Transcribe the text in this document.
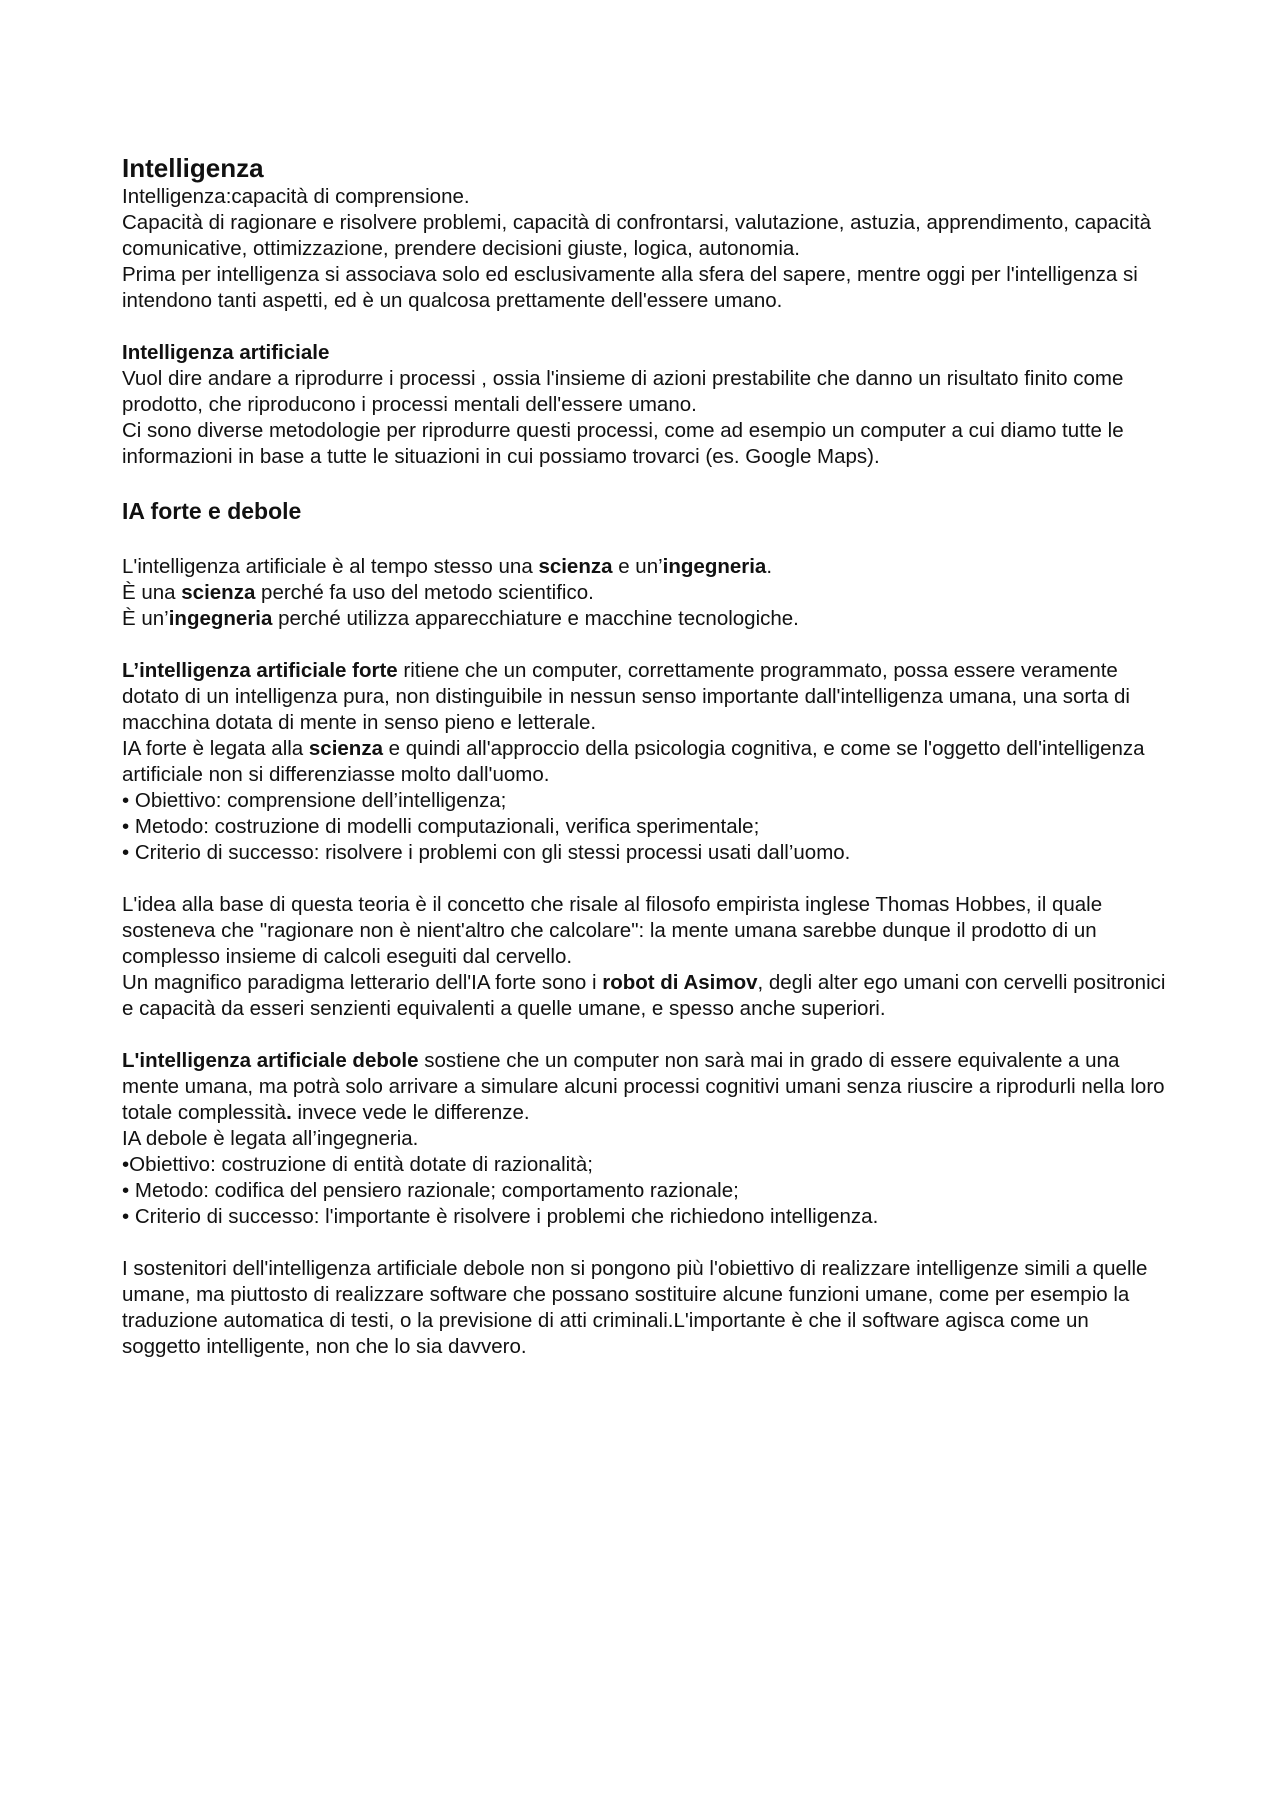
Intelligenza

Intelligenza:capacità di comprensione.

Capacità di ragionare e risolvere problemi, capacità di confrontarsi, valutazione, astuzia, apprendimento, capacità comunicative, ottimizzazione, prendere decisioni giuste, logica, autonomia.

Prima per intelligenza si associava solo ed esclusivamente alla sfera del sapere, mentre oggi per l'intelligenza si intendono tanti aspetti, ed è un qualcosa prettamente dell'essere umano.

Intelligenza artificiale

Vuol dire andare a riprodurre i processi , ossia l'insieme di azioni prestabilite che danno un risultato finito come prodotto, che riproducono i processi mentali dell'essere umano.

Ci sono diverse metodologie per riprodurre questi processi, come ad esempio un computer a cui diamo tutte le informazioni in base a tutte le situazioni in cui possiamo trovarci (es. Google Maps).

IA forte e debole

L'intelligenza artificiale è al tempo stesso una scienza e un’ingegneria.

È una scienza perché fa uso del metodo scientifico.

È un’ingegneria perché utilizza apparecchiature e macchine tecnologiche.

L’intelligenza artificiale forte ritiene che un computer, correttamente programmato, possa essere veramente dotato di un intelligenza pura, non distinguibile in nessun senso importante dall'intelligenza umana, una sorta di macchina dotata di mente in senso pieno e letterale.

IA forte è legata alla scienza e quindi all'approccio della psicologia cognitiva, e come se l'oggetto dell'intelligenza artificiale non si differenziasse molto dall'uomo.

• Obiettivo: comprensione dell’intelligenza;
• Metodo: costruzione di modelli computazionali, verifica sperimentale;
• Criterio di successo: risolvere i problemi con gli stessi processi usati dall’uomo.

L'idea alla base di questa teoria è il concetto che risale al filosofo empirista inglese Thomas Hobbes, il quale sosteneva che "ragionare non è nient'altro che calcolare": la mente umana sarebbe dunque il prodotto di un complesso insieme di calcoli eseguiti dal cervello.

Un magnifico paradigma letterario dell'IA forte sono i robot di Asimov, degli alter ego umani con cervelli positronici e capacità da esseri senzienti equivalenti a quelle umane, e spesso anche superiori.

L'intelligenza artificiale debole sostiene che un computer non sarà mai in grado di essere equivalente a una mente umana, ma potrà solo arrivare a simulare alcuni processi cognitivi umani senza riuscire a riprodurli nella loro totale complessità. invece vede le differenze.

IA debole è legata all’ingegneria.

•Obiettivo: costruzione di entità dotate di razionalità;
• Metodo: codifica del pensiero razionale; comportamento razionale;
• Criterio di successo: l'importante è risolvere i problemi che richiedono intelligenza.

I sostenitori dell'intelligenza artificiale debole non si pongono più l'obiettivo di realizzare intelligenze simili a quelle umane, ma piuttosto di realizzare software che possano sostituire alcune funzioni umane, come per esempio la traduzione automatica di testi, o la previsione di atti criminali.L'importante è che il software agisca come un soggetto intelligente, non che lo sia davvero.
